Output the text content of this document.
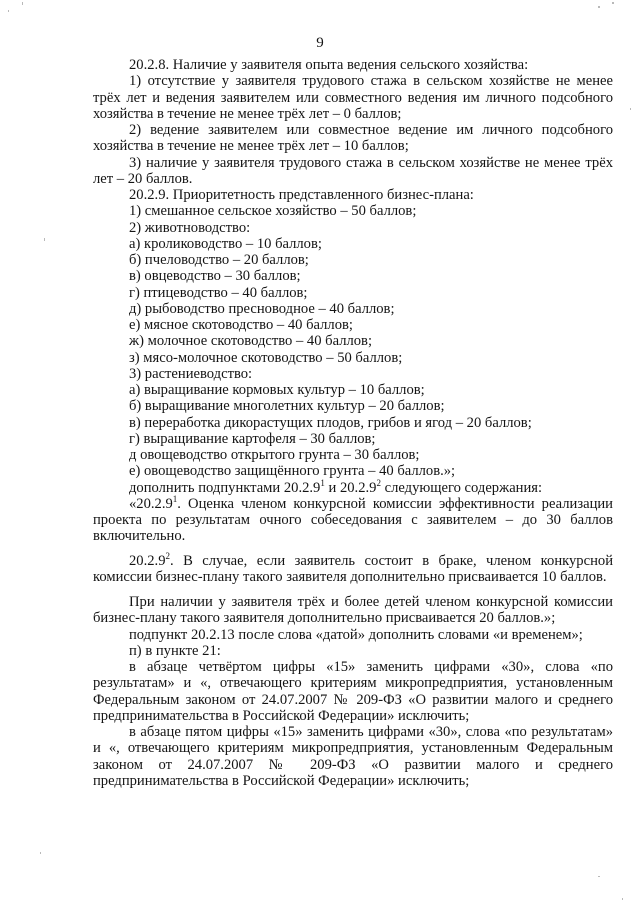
9

20.2.8. Наличие у заявителя опыта ведения сельского хозяйства:

1) отсутствие у заявителя трудового стажа в сельском хозяйстве не менее трёх лет и ведения заявителем или совместного ведения им личного подсобного хозяйства в течение не менее трёх лет – 0 баллов;

2) ведение заявителем или совместное ведение им личного подсобного хозяйства в течение не менее трёх лет – 10 баллов;

3) наличие у заявителя трудового стажа в сельском хозяйстве не менее трёх лет – 20 баллов.

20.2.9. Приоритетность представленного бизнес-плана:

1) смешанное сельское хозяйство – 50 баллов;

2) животноводство:

а) кролиководство – 10 баллов;

б) пчеловодство – 20 баллов;

в) овцеводство – 30 баллов;

г) птицеводство – 40 баллов;

д) рыбоводство пресноводное – 40 баллов;

е) мясное скотоводство – 40 баллов;

ж) молочное скотоводство – 40 баллов;

з) мясо-молочное скотоводство – 50 баллов;

3) растениеводство:

а) выращивание кормовых культур – 10 баллов;

б) выращивание многолетних культур – 20 баллов;

в) переработка дикорастущих плодов, грибов и ягод – 20 баллов;

г) выращивание картофеля – 30 баллов;

д овощеводство открытого грунта – 30 баллов;

е) овощеводство защищённого грунта – 40 баллов.»;

дополнить подпунктами 20.2.9$^1$ и 20.2.9$^2$ следующего содержания:

«20.2.9$^1$. Оценка членом конкурсной комиссии эффективности реализации проекта по результатам очного собеседования с заявителем – до 30 баллов включительно.

20.2.9$^2$. В случае, если заявитель состоит в браке, членом конкурсной комиссии бизнес-плану такого заявителя дополнительно присваивается 10 баллов.

При наличии у заявителя трёх и более детей членом конкурсной комиссии бизнес-плану такого заявителя дополнительно присваивается 20 баллов.»;

подпункт 20.2.13 после слова «датой» дополнить словами «и временем»;

п) в пункте 21:

в абзаце четвёртом цифры «15» заменить цифрами «30», слова «по результатам» и «, отвечающего критериям микропредприятия, установленным Федеральным законом от 24.07.2007 № 209-ФЗ «О развитии малого и среднего предпринимательства в Российской Федерации» исключить;

в абзаце пятом цифры «15» заменить цифрами «30», слова «по результатам» и «, отвечающего критериям микропредприятия, установленным Федеральным законом от 24.07.2007 № 209-ФЗ «О развитии малого и среднего предпринимательства в Российской Федерации» исключить;
